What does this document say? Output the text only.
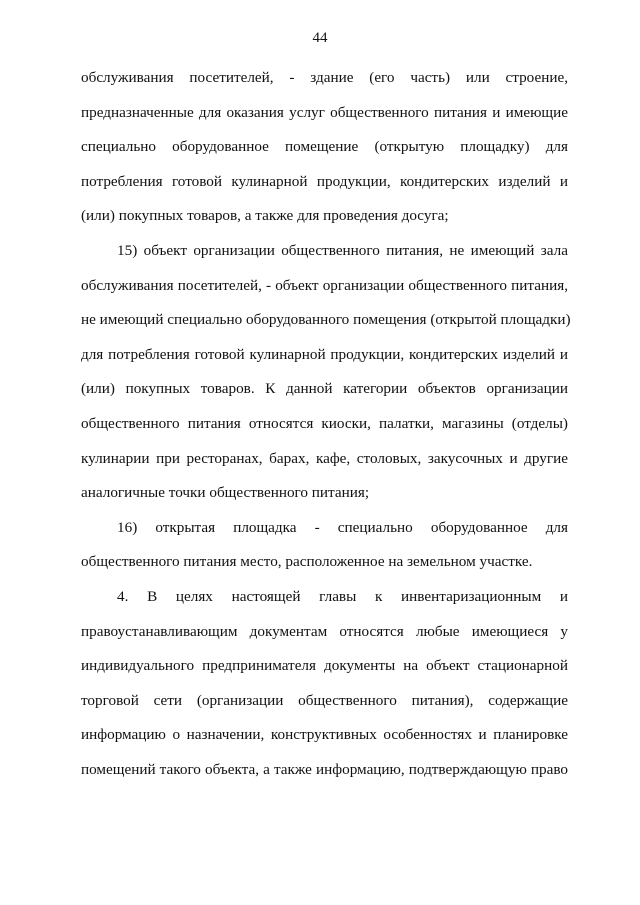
44
обслуживания посетителей, - здание (его часть) или строение,
предназначенные для оказания услуг общественного питания и имеющие
специально оборудованное помещение (открытую площадку) для
потребления готовой кулинарной продукции, кондитерских изделий и
(или) покупных товаров, а также для проведения досуга;
15) объект организации общественного питания, не имеющий зала
обслуживания посетителей, - объект организации общественного питания,
не имеющий специально оборудованного помещения (открытой площадки)
для потребления готовой кулинарной продукции, кондитерских изделий и
(или) покупных товаров. К данной категории объектов организации
общественного питания относятся киоски, палатки, магазины (отделы)
кулинарии при ресторанах, барах, кафе, столовых, закусочных и другие
аналогичные точки общественного питания;
16) открытая площадка - специально оборудованное для
общественного питания место, расположенное на земельном участке.
4. В целях настоящей главы к инвентаризационным и
правоустанавливающим документам относятся любые имеющиеся у
индивидуального предпринимателя документы на объект стационарной
торговой сети (организации общественного питания), содержащие
информацию о назначении, конструктивных особенностях и планировке
помещений такого объекта, а также информацию, подтверждающую право
